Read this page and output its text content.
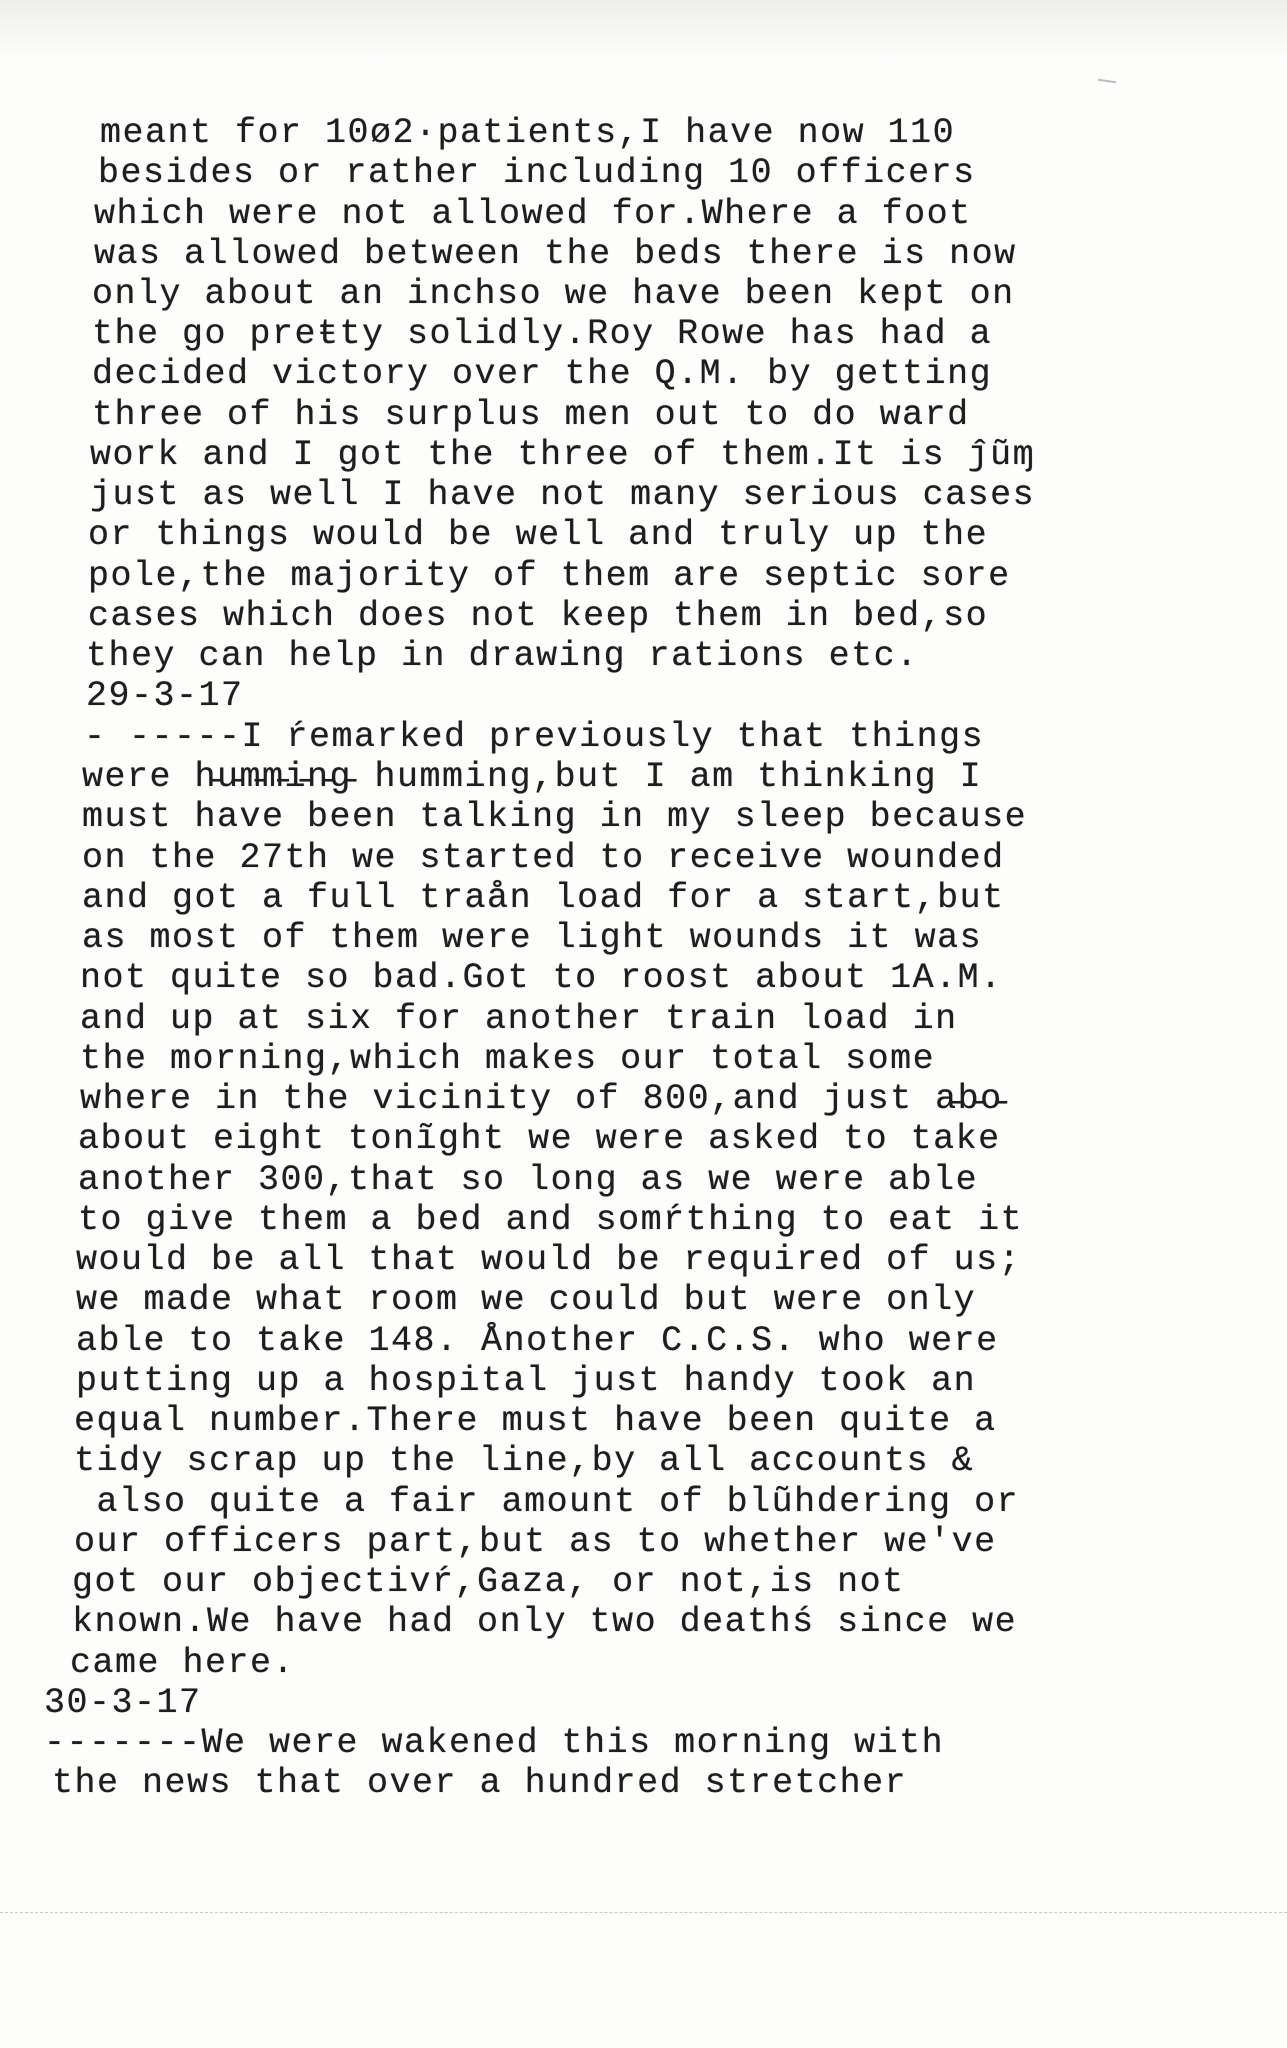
meant for 10ø2·patients,I have now 110

besides or rather including 10 officers

which were not allowed for.Where a foot

was allowed between the beds there is now

only about an inchso we have been kept on

the go preŧty solidly.Roy Rowe has had a

decided victory over the Q.M. by getting

three of his surplus men out to do ward

work and I ɡot the three of them.It is ĵũɱ

just as well I have not many serious cases

or things would be well and truly up the

pole,the majority of them are septic sore

cases which does not keep them in bed,so

they can help in drawing rations etc.

29-3-17

- -----I ŕemarked previously that things

were h̵u̵m̵m̵i̵n̵g̵ humming,but I am thinking I

must have been talking in my sleep because

on the 27th we started to receive wounded

and got a full traån load for a start,but

as most of them were light wounds it was

not quite so bad.Got to roost about 1A.M.

and up at six for another train load in

the morning,which makes our total some

where in the vicinity of 800,and just a̵b̵o̵

about eight tonĩght we were asked to take

another 300,that so long as we were able

to give them a bed and somŕthing to eat it

would be all that would be required of us;

we made what room we could but were only

able to take 148. Ånother C.C.S. who were

putting up a hospital just handy took an

equal number.There must have been quite a

tidy scrap up the line,by all accounts &

also quite a fair amount of blũhdering or

our officers part,but as to whether we've

got our objectivŕ,Gaza, or not,is not

known.We have had only two deathś since we

came here.

30-3-17

-------We were wakened this morning with

the news that over a hundred stretcher
